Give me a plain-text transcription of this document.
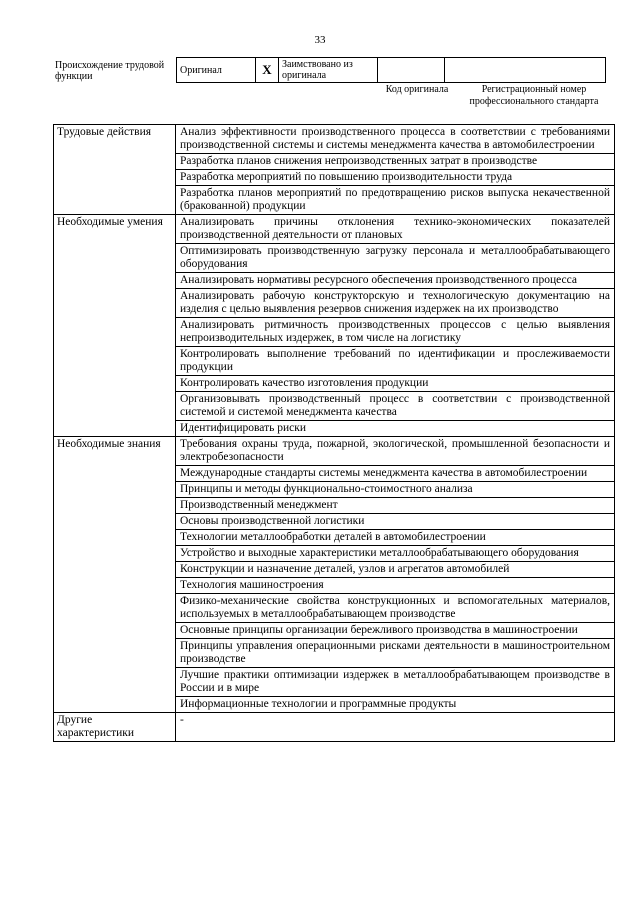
33
Происхождение трудовой функции
Оригинал	X	Заимствовано из оригинала		
Код оригинала	Регистрационный номер профессионального стандарта
Трудовые действия	Анализ эффективности производственного процесса в соответствии с требованиями производственной системы и системы менеджмента качества в автомобилестроении
	Разработка планов снижения непроизводственных затрат в производстве
	Разработка мероприятий по повышению производительности труда
	Разработка планов мероприятий по предотвращению рисков выпуска некачественной (бракованной) продукции
Необходимые умения	Анализировать причины отклонения технико-экономических показателей производственной деятельности от плановых
	Оптимизировать производственную загрузку персонала и металлообрабатывающего оборудования
	Анализировать нормативы ресурсного обеспечения производственного процесса
	Анализировать рабочую конструкторскую и технологическую документацию на изделия с целью выявления резервов снижения издержек на их производство
	Анализировать ритмичность производственных процессов с целью выявления непроизводительных издержек, в том числе на логистику
	Контролировать выполнение требований по идентификации и прослеживаемости продукции
	Контролировать качество изготовления продукции
	Организовывать производственный процесс в соответствии с производственной системой и системой менеджмента качества
	Идентифицировать риски
Необходимые знания	Требования охраны труда, пожарной, экологической, промышленной безопасности и электробезопасности
	Международные стандарты системы менеджмента качества в автомобилестроении
	Принципы и методы функционально-стоимостного анализа
	Производственный менеджмент
	Основы производственной логистики
	Технологии металлообработки деталей в автомобилестроении
	Устройство и выходные характеристики металлообрабатывающего оборудования
	Конструкции и назначение деталей, узлов и агрегатов автомобилей
	Технология машиностроения
	Физико-механические свойства конструкционных и вспомогательных материалов, используемых в металлообрабатывающем производстве
	Основные принципы организации бережливого производства в машиностроении
	Принципы управления операционными рисками деятельности в машиностроительном производстве
	Лучшие практики оптимизации издержек в металлообрабатывающем производстве в России и в мире
	Информационные технологии и программные продукты
Другие характеристики	-
